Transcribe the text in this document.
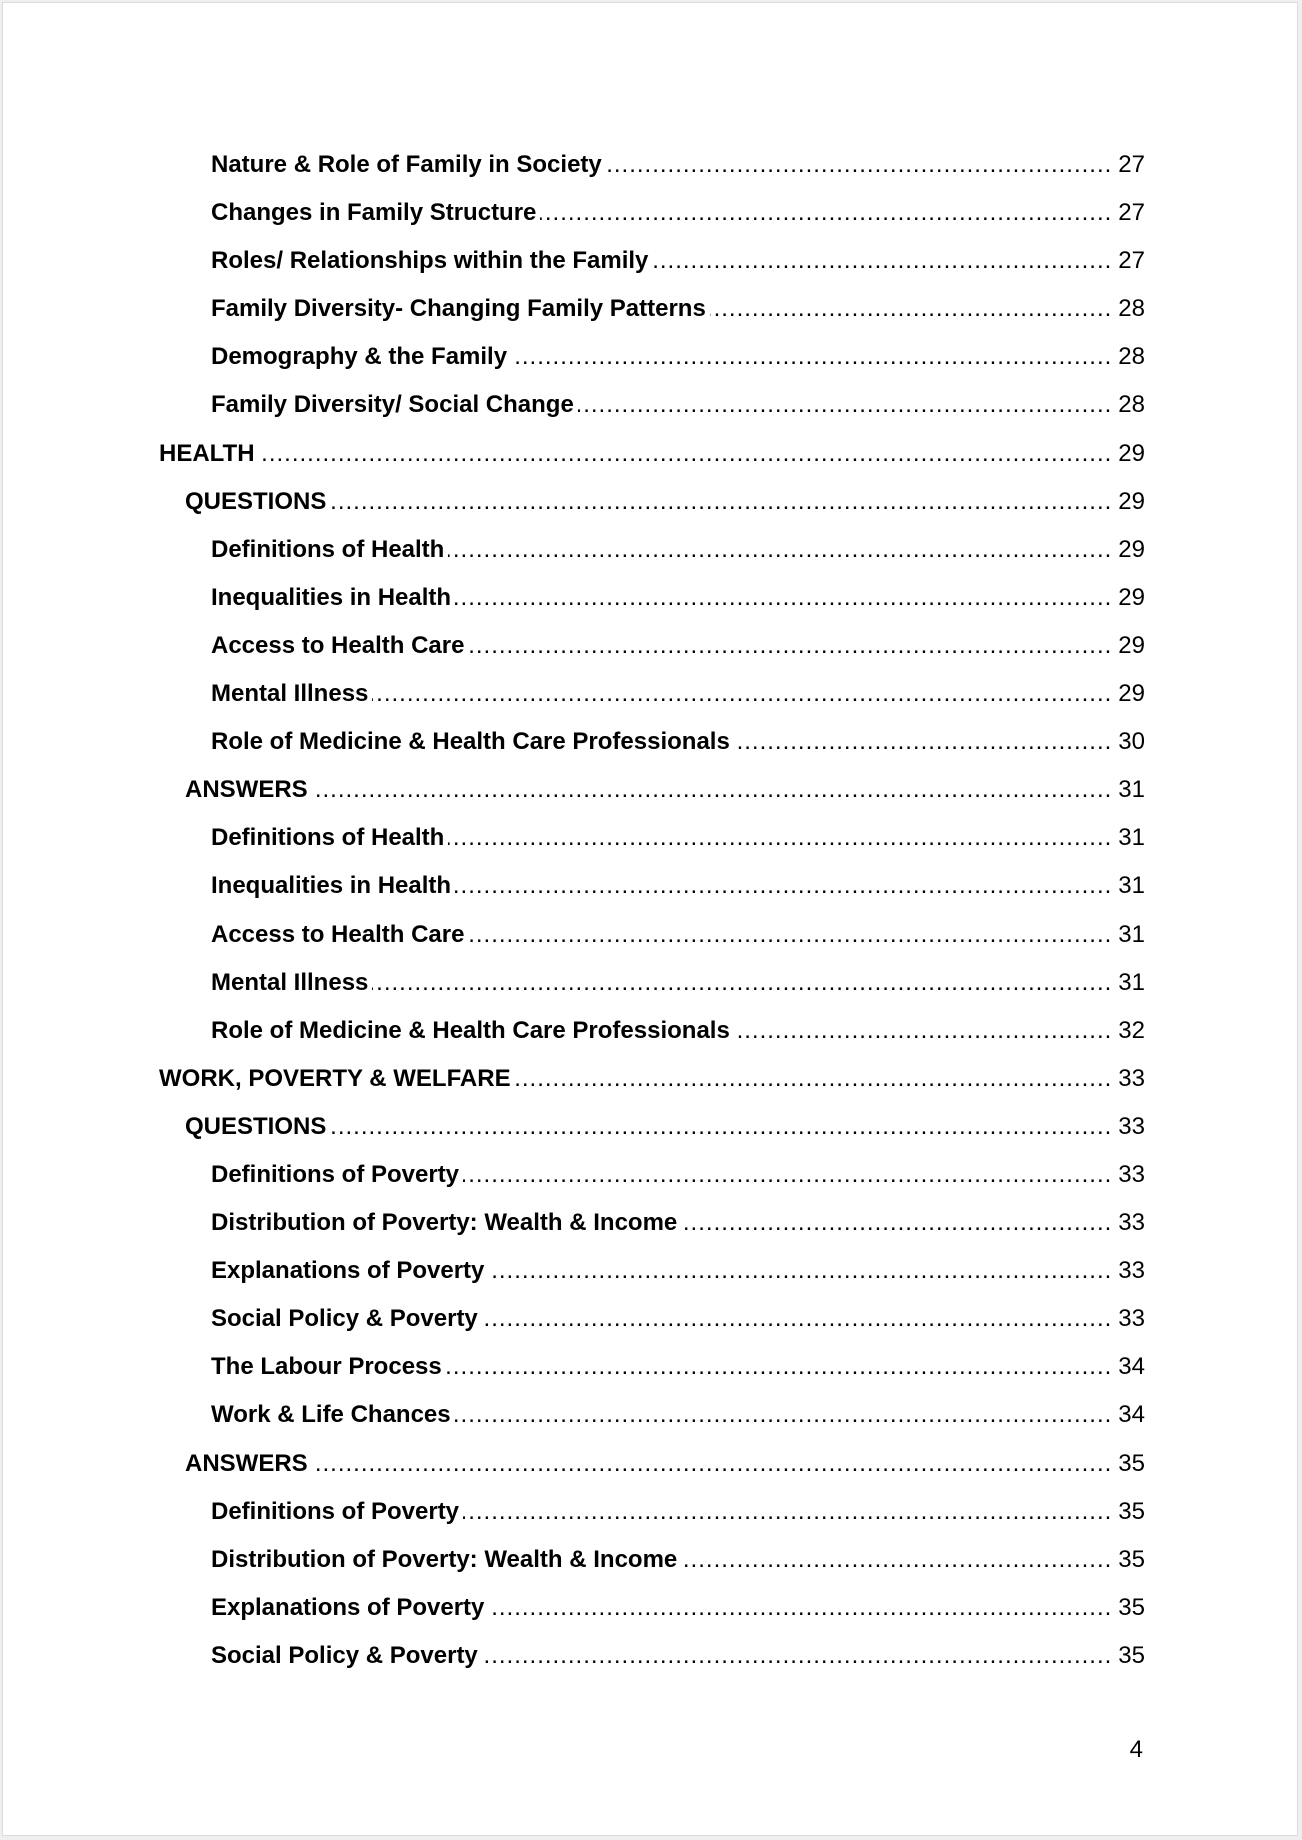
Nature & Role of Family in Society .....	27
Changes in Family Structure .....	27
Roles/ Relationships within the Family .....	27
Family Diversity- Changing Family Patterns .....	28
Demography & the Family .....	28
Family Diversity/ Social Change .....	28
HEALTH .....	29
QUESTIONS .....	29
Definitions of Health .....	29
Inequalities in Health .....	29
Access to Health Care .....	29
Mental Illness .....	29
Role of Medicine & Health Care Professionals .....	30
ANSWERS .....	31
Definitions of Health .....	31
Inequalities in Health .....	31
Access to Health Care .....	31
Mental Illness .....	31
Role of Medicine & Health Care Professionals .....	32
WORK, POVERTY & WELFARE .....	33
QUESTIONS .....	33
Definitions of Poverty .....	33
Distribution of Poverty: Wealth & Income .....	33
Explanations of Poverty .....	33
Social Policy & Poverty .....	33
The Labour Process .....	34
Work & Life Chances .....	34
ANSWERS .....	35
Definitions of Poverty .....	35
Distribution of Poverty: Wealth & Income .....	35
Explanations of Poverty .....	35
Social Policy & Poverty .....	35
4
